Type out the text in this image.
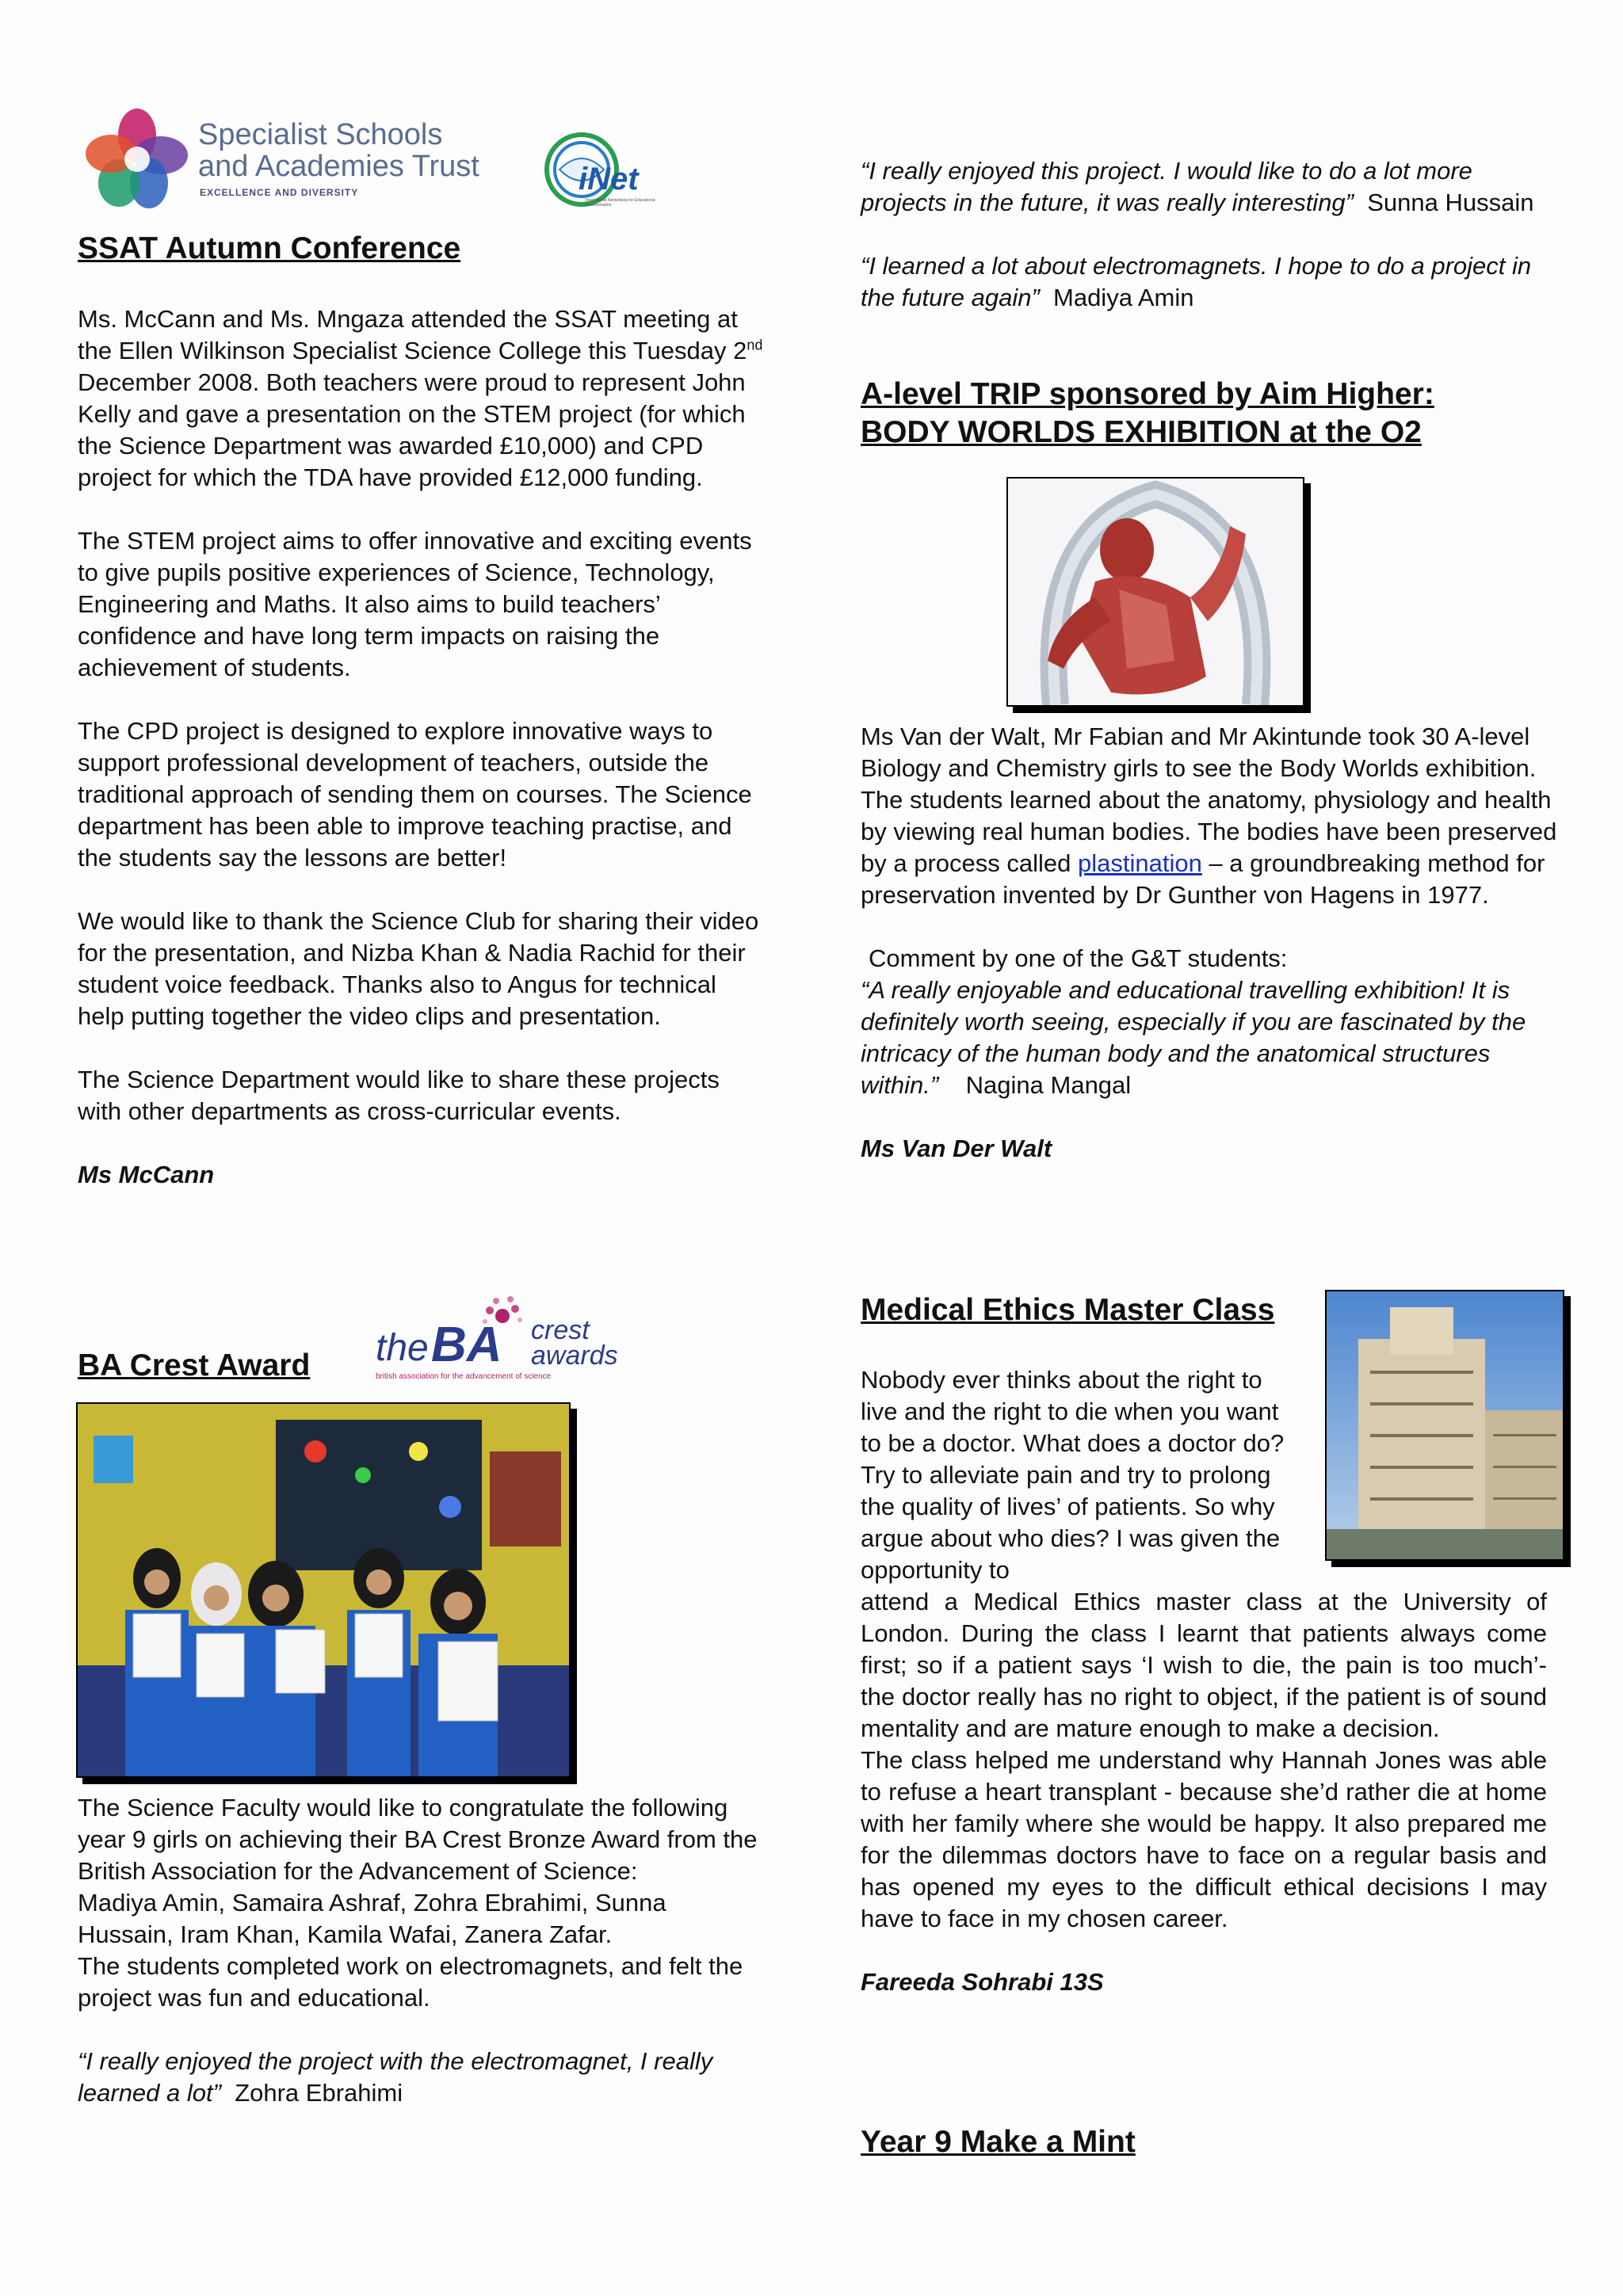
Specialist Schools
and Academies Trust
EXCELLENCE AND DIVERSITY	iNet
International Networking for Educational Transformation
SSAT Autumn Conference

Ms. McCann and Ms. Mngaza attended the SSAT meeting at the Ellen Wilkinson Specialist Science College this Tuesday 2nd December 2008. Both teachers were proud to represent John Kelly and gave a presentation on the STEM project (for which the Science Department was awarded £10,000) and CPD project for which the TDA have provided £12,000 funding.

The STEM project aims to offer innovative and exciting events to give pupils positive experiences of Science, Technology, Engineering and Maths. It also aims to build teachers’ confidence and have long term impacts on raising the achievement of students.

The CPD project is designed to explore innovative ways to support professional development of teachers, outside the traditional approach of sending them on courses. The Science department has been able to improve teaching practise, and the students say the lessons are better!

We would like to thank the Science Club for sharing their video for the presentation, and Nizba Khan & Nadia Rachid for their student voice feedback. Thanks also to Angus for technical help putting together the video clips and presentation.

The Science Department would like to share these projects with other departments as cross-curricular events.

Ms McCann

BA Crest Award the BA crest
awards
british association for the advancement of science

The Science Faculty would like to congratulate the following year 9 girls on achieving their BA Crest Bronze Award from the British Association for the Advancement of Science:

Madiya Amin, Samaira Ashraf, Zohra Ebrahimi, Sunna Hussain, Iram Khan, Kamila Wafai, Zanera Zafar.

The students completed work on electromagnets, and felt the project was fun and educational.

“I really enjoyed the project with the electromagnet, I really learned a lot” Zohra Ebrahimi

“I really enjoyed this project. I would like to do a lot more projects in the future, it was really interesting” Sunna Hussain

“I learned a lot about electromagnets. I hope to do a project in the future again” Madiya Amin

A-level TRIP sponsored by Aim Higher:
BODY WORLDS EXHIBITION at the O2

Ms Van der Walt, Mr Fabian and Mr Akintunde took 30 A-level Biology and Chemistry girls to see the Body Worlds exhibition. The students learned about the anatomy, physiology and health by viewing real human bodies. The bodies have been preserved by a process called plastination – a groundbreaking method for preservation invented by Dr Gunther von Hagens in 1977.

Comment by one of the G&T students:

“A really enjoyable and educational travelling exhibition! It is definitely worth seeing, especially if you are fascinated by the intricacy of the human body and the anatomical structures within.” Nagina Mangal

Ms Van Der Walt

Medical Ethics Master Class

Nobody ever thinks about the right to live and the right to die when you want to be a doctor. What does a doctor do? Try to alleviate pain and try to prolong the quality of lives’ of patients. So why argue about who dies? I was given the opportunity to

attend a Medical Ethics master class at the University of London. During the class I learnt that patients always come first; so if a patient says ‘I wish to die, the pain is too much’- the doctor really has no right to object, if the patient is of sound mentality and are mature enough to make a decision.

The class helped me understand why Hannah Jones was able to refuse a heart transplant - because she’d rather die at home with her family where she would be happy. It also prepared me for the dilemmas doctors have to face on a regular basis and has opened my eyes to the difficult ethical decisions I may have to face in my chosen career.

Fareeda Sohrabi 13S

Year 9 Make a Mint
